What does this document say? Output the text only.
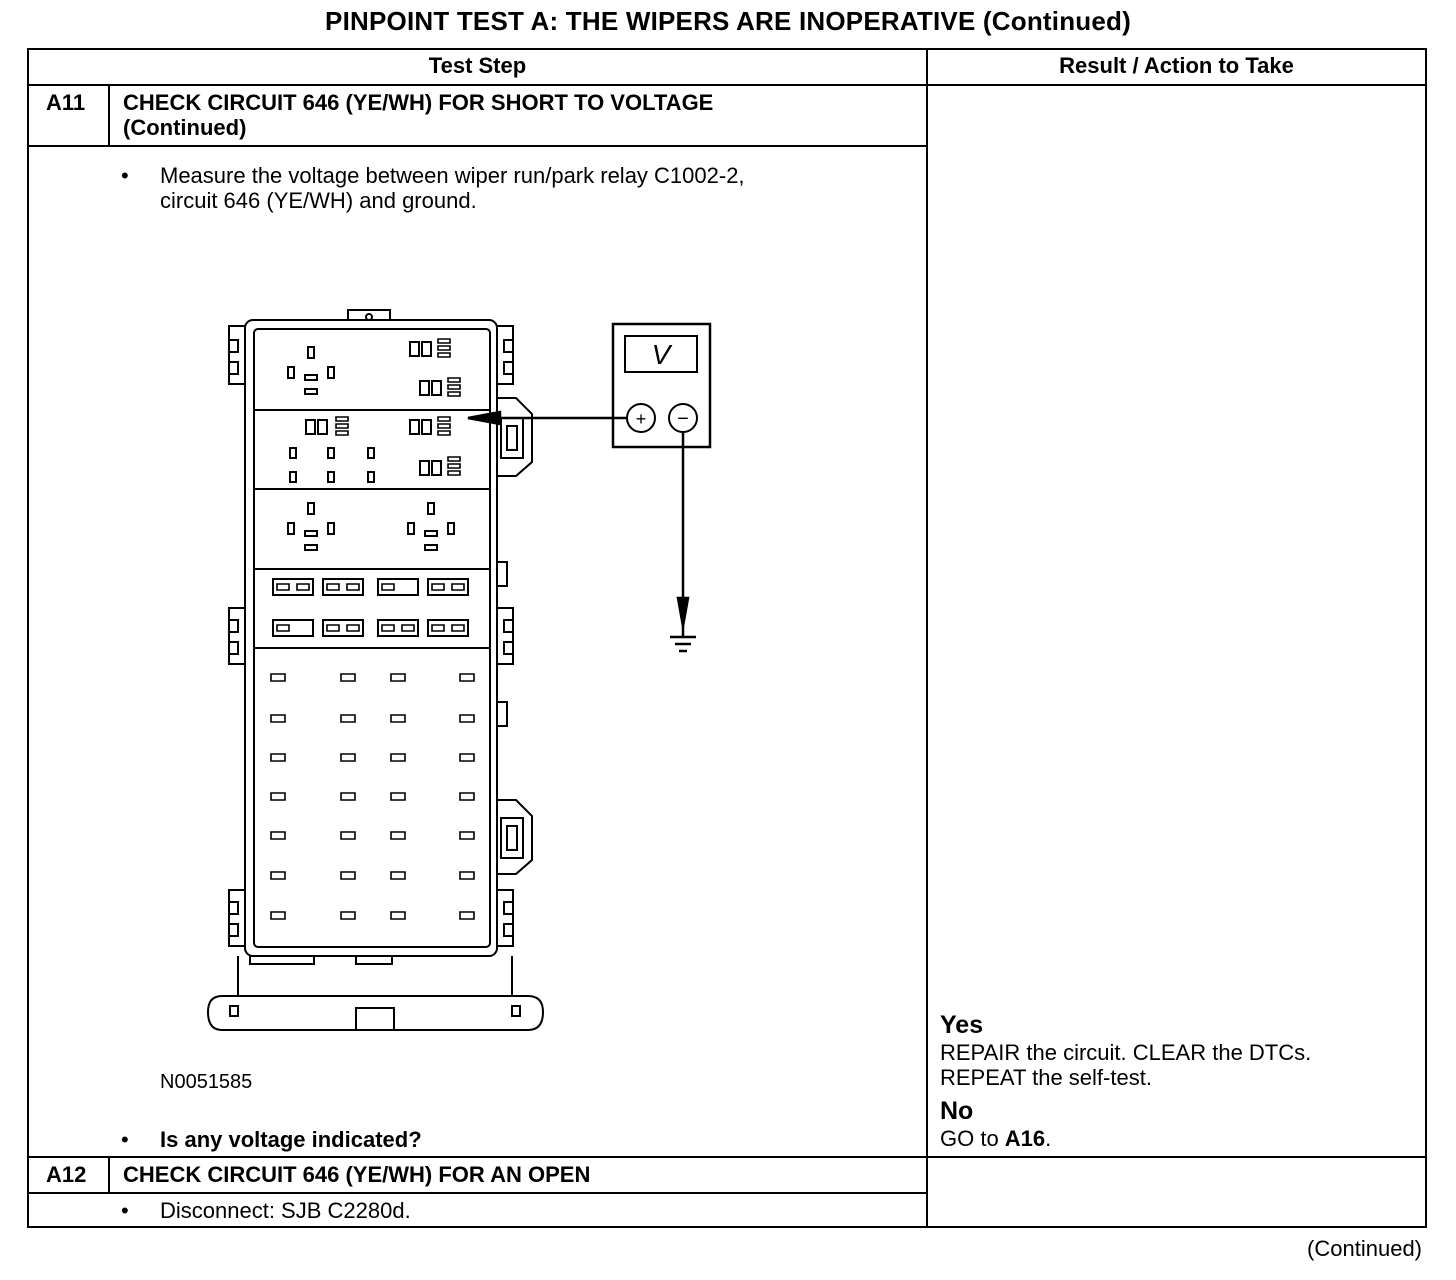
PINPOINT TEST A: THE WIPERS ARE INOPERATIVE (Continued)
Test Step	Result / Action to Take
A11 CHECK CIRCUIT 646 (YE/WH) FOR SHORT TO VOLTAGE
(Continued)
• Measure the voltage between wiper run/park relay C1002-2,
circuit 646 (YE/WH) and ground.
V
+ −
N0051585
• Is any voltage indicated?
Yes
REPAIR the circuit. CLEAR the DTCs.
REPEAT the self-test.
No
GO to A16.
A12 CHECK CIRCUIT 646 (YE/WH) FOR AN OPEN
• Disconnect: SJB C2280d.
(Continued)
